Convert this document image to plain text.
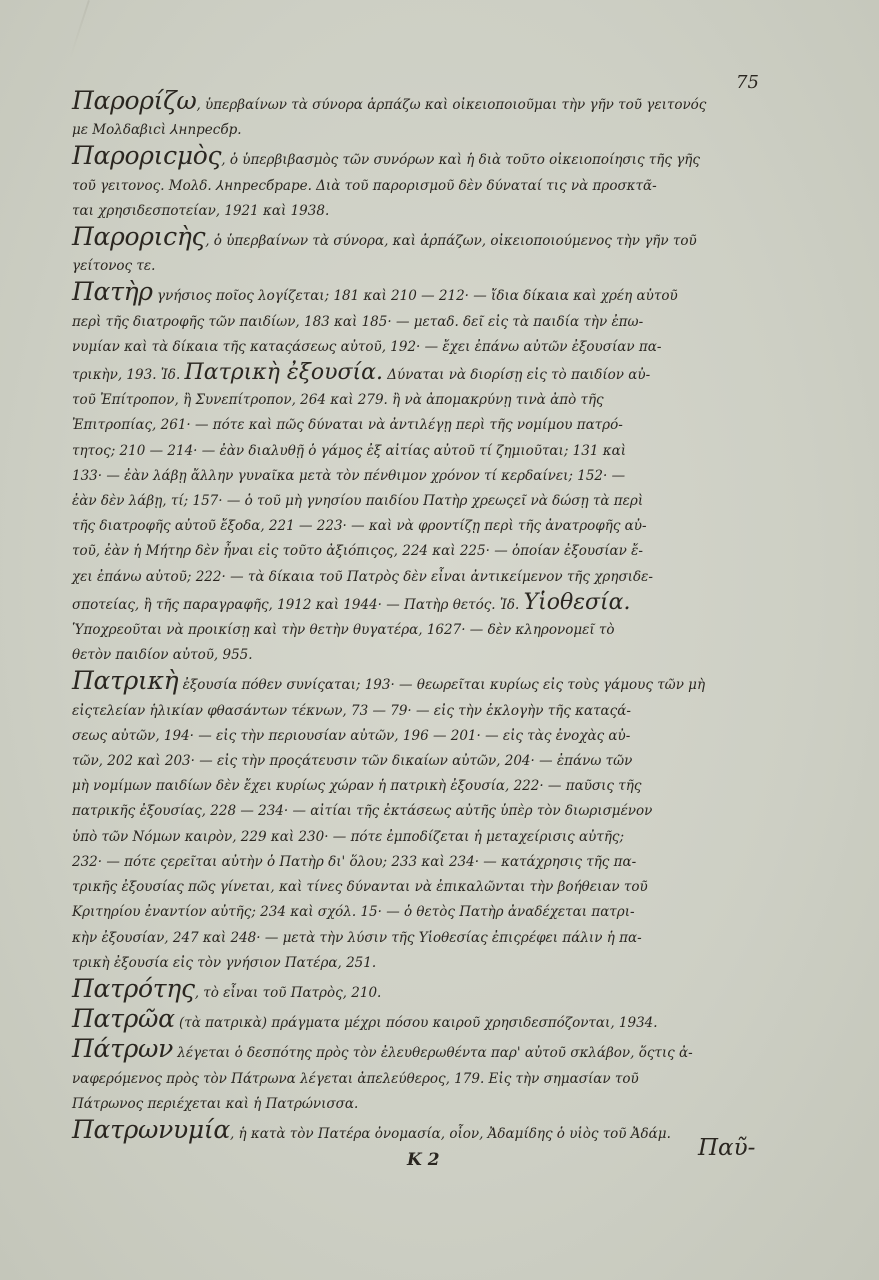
75
Παρορίζω, ὑπερβαίνων τὰ σύνορα ἁρπάζω καὶ οἰκειοποιοῦμαι τὴν γῆν τοῦ γειτονός
με Μολδαβιϲὶ ⅄нпресбр.
Παροριϲμὸς, ὁ ὑπερβιβασμὸς τῶν συνόρων καὶ ἡ διὰ τοῦτο οἰκειοποίησις τῆς γῆς
τοῦ γειτονος. Μολδ. ⅄нпресбраре. Διὰ τοῦ παρορισμοῦ δὲν δύναταί τις νὰ προσκτᾶ-
ται χρησιδεσποτείαν, 1921 καὶ 1938.
Παροριϲὴς, ὁ ὑπερβαίνων τὰ σύνορα, καὶ ἁρπάζων, οἰκειοποιούμενος τὴν γῆν τοῦ
γείτονος τε.
Πατὴρ γνήσιος ποῖος λογίζεται; 181 καὶ 210 — 212· — ἴδια δίκαια καὶ χρέη αὐτοῦ
περὶ τῆς διατροφῆς τῶν παιδίων, 183 καὶ 185· — μεταδ. δεῖ εἰς τὰ παιδία τὴν ἐπω-
νυμίαν καὶ τὰ δίκαια τῆς καταςάσεως αὐτοῦ, 192· — ἔχει ἐπάνω αὐτῶν ἐξουσίαν πα-
τρικὴν, 193. Ἰδ. Πατρικὴ ἐξουσία. Δύναται νὰ διορίσῃ εἰς τὸ παιδίον αὐ-
τοῦ Ἐπίτροπον, ἢ Συνεπίτροπον, 264 καὶ 279. ἢ νὰ ἀπομακρύνῃ τινὰ ἀπὸ τῆς
Ἐπιτροπίας, 261· — πότε καὶ πῶς δύναται νὰ ἀντιλέγῃ περὶ τῆς νομίμου πατρό-
τητος; 210 — 214· — ἐὰν διαλυθῇ ὁ γάμος ἐξ αἰτίας αὐτοῦ τί ζημιοῦται; 131 καὶ
133· — ἐὰν λάβῃ ἄλλην γυναῖκα μετὰ τὸν πένθιμον χρόνον τί κερδαίνει; 152· —
ἐὰν δὲν λάβῃ, τί; 157· — ὁ τοῦ μὴ γνησίου παιδίου Πατὴρ χρεωςεῖ νὰ δώσῃ τὰ περὶ
τῆς διατροφῆς αὐτοῦ ἔξοδα, 221 — 223· — καὶ νὰ φροντίζῃ περὶ τῆς ἀνατροφῆς αὐ-
τοῦ, ἐὰν ἡ Μήτηρ δὲν ἦναι εἰς τοῦτο ἀξιόπιςος, 224 καὶ 225· — ὁποίαν ἐξουσίαν ἔ-
χει ἐπάνω αὐτοῦ; 222· — τὰ δίκαια τοῦ Πατρὸς δὲν εἶναι ἀντικείμενον τῆς χρησιδε-
σποτείας, ἢ τῆς παραγραφῆς, 1912 καὶ 1944· — Πατὴρ θετός. Ἰδ. Υἱοθεσία.
Ὑποχρεοῦται νὰ προικίσῃ καὶ τὴν θετὴν θυγατέρα, 1627· — δὲν κληρονομεῖ τὸ
θετὸν παιδίον αὐτοῦ, 955.
Πατρικὴ ἐξουσία πόθεν συνίςαται; 193· — θεωρεῖται κυρίως εἰς τοὺς γάμους τῶν μὴ
εἰςτελείαν ἡλικίαν φθασάντων τέκνων, 73 — 79· — εἰς τὴν ἐκλογὴν τῆς καταςά-
σεως αὐτῶν, 194· — εἰς τὴν περιουσίαν αὐτῶν, 196 — 201· — εἰς τὰς ἐνοχὰς αὐ-
τῶν, 202 καὶ 203· — εἰς τὴν προςάτευσιν τῶν δικαίων αὐτῶν, 204· — ἐπάνω τῶν
μὴ νομίμων παιδίων δὲν ἔχει κυρίως χώραν ἡ πατρικὴ ἐξουσία, 222· — παῦσις τῆς
πατρικῆς ἐξουσίας, 228 — 234· — αἰτίαι τῆς ἐκτάσεως αὐτῆς ὑπὲρ τὸν διωρισμένον
ὑπὸ τῶν Νόμων καιρὸν, 229 καὶ 230· — πότε ἐμποδίζεται ἡ μεταχείρισις αὐτῆς;
232· — πότε ςερεῖται αὐτὴν ὁ Πατὴρ δι' ὅλου; 233 καὶ 234· — κατάχρησις τῆς πα-
τρικῆς ἐξουσίας πῶς γίνεται, καὶ τίνες δύνανται νὰ ἐπικαλῶνται τὴν βοήθειαν τοῦ
Κριτηρίου ἐναντίον αὐτῆς; 234 καὶ σχόλ. 15· — ὁ θετὸς Πατὴρ ἀναδέχεται πατρι-
κὴν ἐξουσίαν, 247 καὶ 248· — μετὰ τὴν λύσιν τῆς Υἱοθεσίας ἐπιςρέφει πάλιν ἡ πα-
τρικὴ ἐξουσία εἰς τὸν γνήσιον Πατέρα, 251.
Πατρότης, τὸ εἶναι τοῦ Πατρὸς, 210.
Πατρῶα (τὰ πατρικὰ) πράγματα μέχρι πόσου καιροῦ χρησιδεσπόζονται, 1934.
Πάτρων λέγεται ὁ δεσπότης πρὸς τὸν ἐλευθερωθέντα παρ' αὐτοῦ σκλάβον, ὅςτις ἀ-
ναφερόμενος πρὸς τὸν Πάτρωνα λέγεται ἀπελεύθερος, 179. Εἰς τὴν σημασίαν τοῦ
Πάτρωνος περιέχεται καὶ ἡ Πατρώνισσα.
Πατρωνυμία, ἡ κατὰ τὸν Πατέρα ὀνομασία, οἷον, Ἀδαμίδης ὁ υἱὸς τοῦ Ἀδάμ.
Παῦ-
K 2
